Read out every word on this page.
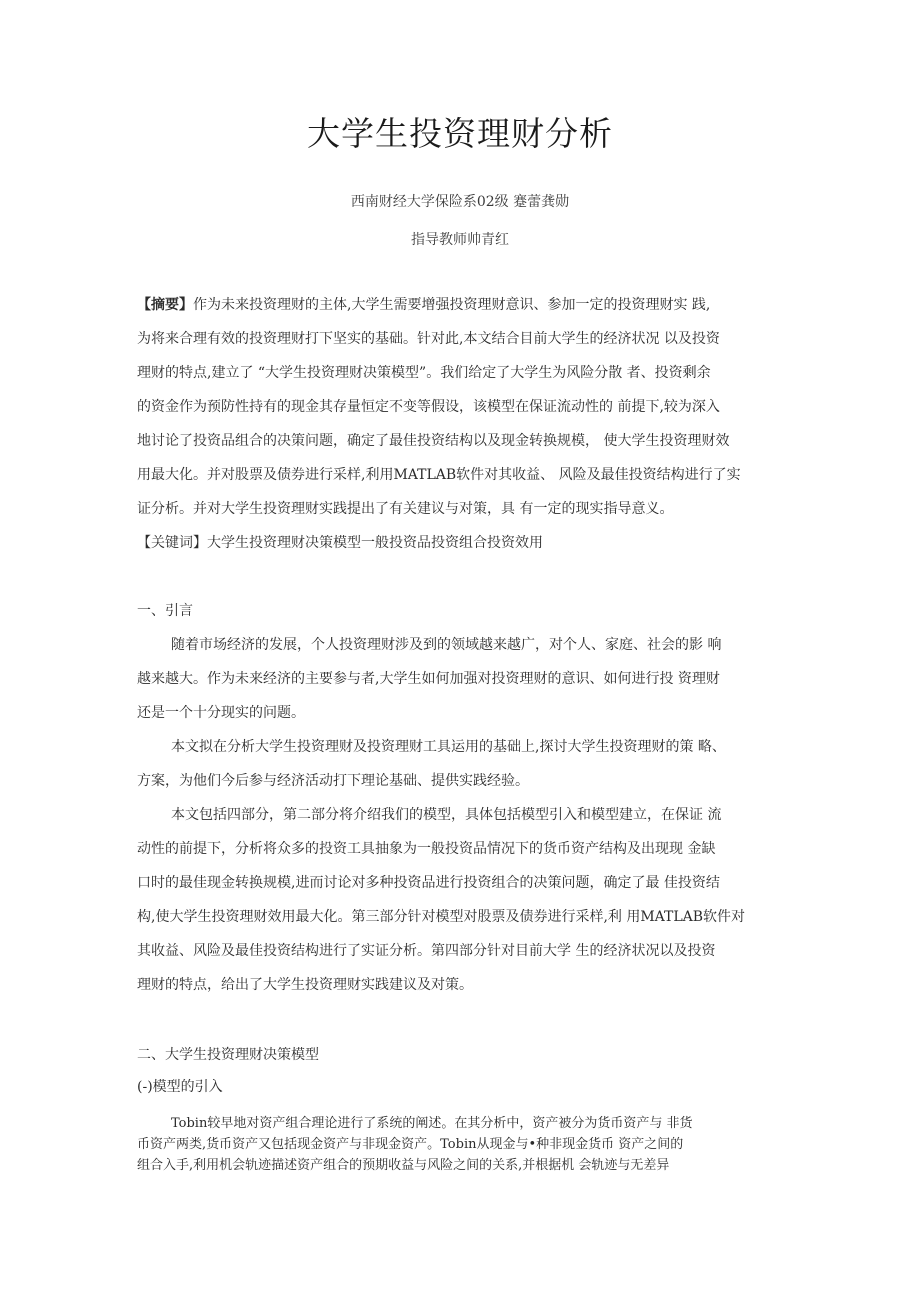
大学生投资理财分析
西南财经大学保险系02级 蹇蕾龚勋
指导教师帅青红
【摘要】作为未来投资理财的主体,大学生需要增强投资理财意识、参加一定的投资理财实 践,
为将来合理有效的投资理财打下坚实的基础。针对此,本文结合目前大学生的经济状况 以及投资
理财的特点,建立了 “大学生投资理财决策模型”。我们给定了大学生为风险分散 者、投资剩余
的资金作为预防性持有的现金其存量恒定不变等假设，该模型在保证流动性的 前提下,较为深入
地讨论了投资品组合的决策问题，确定了最佳投资结构以及现金转换规模， 使大学生投资理财效
用最大化。并对股票及债券进行采样,利用MATLAB软件对其收益、 风险及最佳投资结构进行了实
证分析。并对大学生投资理财实践提出了有关建议与对策，具 有一定的现实指导意义。
【关键词】大学生投资理财决策模型一般投资品投资组合投资效用
一、引言
随着市场经济的发展，个人投资理财涉及到的领域越来越广，对个人、家庭、社会的影 响
越来越大。作为未来经济的主要参与者,大学生如何加强对投资理财的意识、如何进行投 资理财
还是一个十分现实的问题。
本文拟在分析大学生投资理财及投资理财工具运用的基础上,探讨大学生投资理财的策 略、
方案，为他们今后参与经济活动打下理论基础、提供实践经验。
本文包括四部分，第二部分将介绍我们的模型，具体包括模型引入和模型建立，在保证 流
动性的前提下，分析将众多的投资工具抽象为一般投资品情况下的货币资产结构及出现现 金缺
口时的最佳现金转换规模,进而讨论对多种投资品进行投资组合的决策问题，确定了最 佳投资结
构,使大学生投资理财效用最大化。第三部分针对模型对股票及债券进行采样,利 用MATLAB软件对
其收益、风险及最佳投资结构进行了实证分析。第四部分针对目前大学 生的经济状况以及投资
理财的特点，给出了大学生投资理财实践建议及对策。
二、大学生投资理财决策模型
(-)模型的引入
Tobin较早地对资产组合理论进行了系统的阐述。在其分析中，资产被分为货币资产与 非货
币资产两类,货币资产又包括现金资产与非现金资产。Tobin从现金与•种非现金货币 资产之间的
组合入手,利用机会轨迹描述资产组合的预期收益与风险之间的关系,并根据机 会轨迹与无差异
